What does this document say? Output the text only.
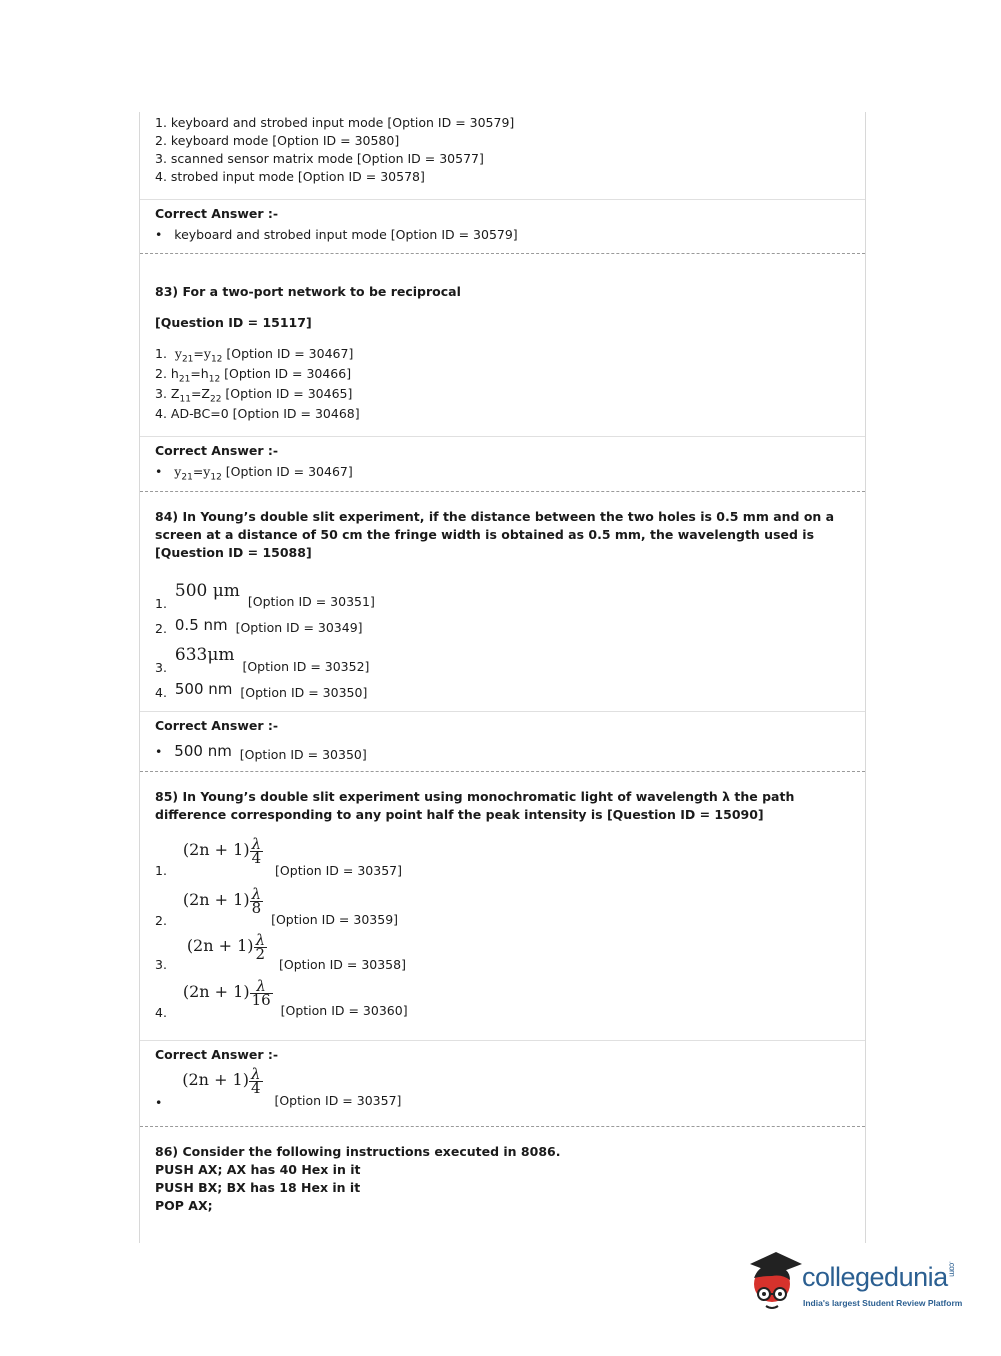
1. keyboard and strobed input mode [Option ID = 30579]
2. keyboard mode [Option ID = 30580]
3. scanned sensor matrix mode [Option ID = 30577]
4. strobed input mode [Option ID = 30578]
Correct Answer :-
•   keyboard and strobed input mode [Option ID = 30579]
83) For a two-port network to be reciprocal
[Question ID = 15117]
1. $y_{21}=y_{12}$ [Option ID = 30467]
2. $h_{21}=h_{12}$ [Option ID = 30466]
3. $Z_{11}=Z_{22}$ [Option ID = 30465]
4. AD-BC=0 [Option ID = 30468]
Correct Answer :-
•   $y_{21}=y_{12}$ [Option ID = 30467]
84) In Young’s double slit experiment, if the distance between the two holes is 0.5 mm and on a screen at a distance of 50 cm the fringe width is obtained as 0.5 mm, the wavelength used is [Question ID = 15088]
1.  500 μm  [Option ID = 30351]
2. 0.5 nm [Option ID = 30349]
3.  633μm  [Option ID = 30352]
4. 500 nm [Option ID = 30350]
Correct Answer :-
•   500 nm [Option ID = 30350]
85) In Young’s double slit experiment using monochromatic light of wavelength λ the path difference corresponding to any point half the peak intensity is [Question ID = 15090]
1.    $(2n + 1) \frac{\lambda}{4}$
[Option ID = 30357]
2.    $(2n + 1) \frac{\lambda}{8}$
[Option ID = 30359]
3.     $(2n + 1) \frac{\lambda}{2}$
[Option ID = 30358]
4.    $(2n + 1) \frac{\lambda}{16}$
[Option ID = 30360]
Correct Answer :-
•     $(2n + 1) \frac{\lambda}{4}$
[Option ID = 30357]
86) Consider the following instructions executed in 8086.
PUSH AX; AX has 40 Hex in it
PUSH BX; BX has 18 Hex in it
POP AX;
collegedunia.com
India's largest Student Review Platform
